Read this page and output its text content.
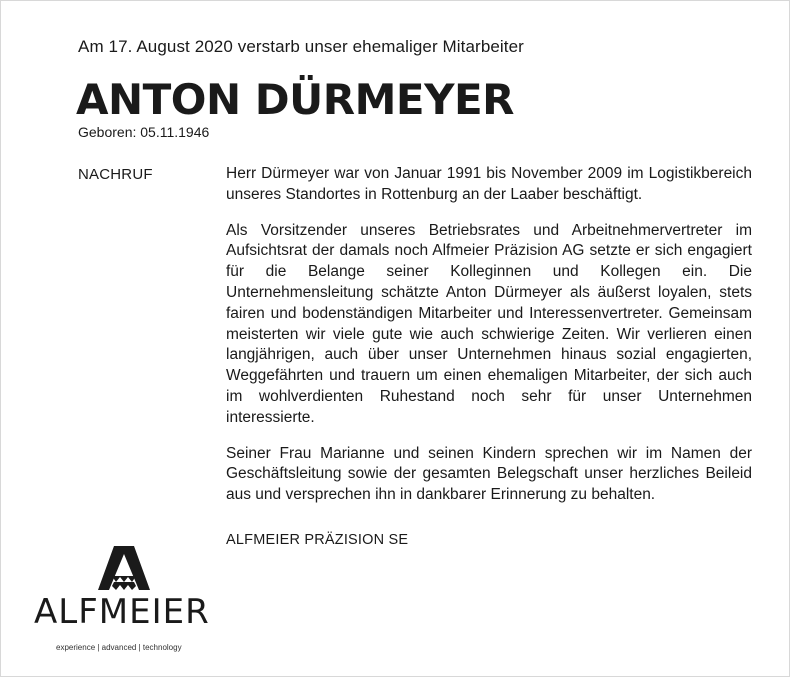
Am 17. August 2020 verstarb unser ehemaliger Mitarbeiter
ANTON DÜRMEYER
Geboren: 05.11.1946
NACHRUF	Herr Dürmeyer war von Januar 1991 bis November 2009 im Logistikbereich unseres Standortes in Rottenburg an der Laaber beschäftigt.

Als Vorsitzender unseres Betriebsrates und Arbeitnehmervertreter im Aufsichtsrat der damals noch Alfmeier Präzision AG setzte er sich engagiert für die Belange seiner Kolleginnen und Kollegen ein. Die Unternehmensleitung schätzte Anton Dürmeyer als äußerst loyalen, stets fairen und bodenständigen Mitarbeiter und Interessenvertreter. Gemeinsam meisterten wir viele gute wie auch schwierige Zeiten. Wir verlieren einen langjährigen, auch über unser Unternehmen hinaus sozial engagierten, Weggefährten und trauern um einen ehemaligen Mitarbeiter, der sich auch im wohlverdienten Ruhestand noch sehr für unser Unternehmen interessierte.

Seiner Frau Marianne und seinen Kindern sprechen wir im Namen der Geschäftsleitung sowie der gesamten Belegschaft unser herzliches Beileid aus und versprechen ihn in dankbarer Erinnerung zu behalten.

ALFMEIER PRÄZISION SE
ALFMEIER
experience | advanced | technology
